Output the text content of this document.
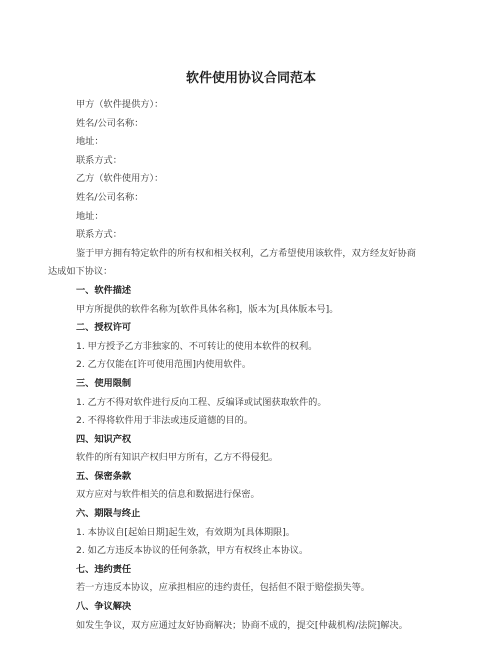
软件使用协议合同范本
甲方（软件提供方）：
姓名/公司名称：
地址：
联系方式：
乙方（软件使用方）：
姓名/公司名称：
地址：
联系方式：
鉴于甲方拥有特定软件的所有权和相关权利，乙方希望使用该软件，双方经友好协商
达成如下协议：
一、软件描述
甲方所提供的软件名称为[软件具体名称]，版本为[具体版本号]。
二、授权许可
1. 甲方授予乙方非独家的、不可转让的使用本软件的权利。
2. 乙方仅能在[许可使用范围]内使用软件。
三、使用限制
1. 乙方不得对软件进行反向工程、反编译或试图获取软件的。
2. 不得将软件用于非法或违反道德的目的。
四、知识产权
软件的所有知识产权归甲方所有，乙方不得侵犯。
五、保密条款
双方应对与软件相关的信息和数据进行保密。
六、期限与终止
1. 本协议自[起始日期]起生效，有效期为[具体期限]。
2. 如乙方违反本协议的任何条款，甲方有权终止本协议。
七、违约责任
若一方违反本协议，应承担相应的违约责任，包括但不限于赔偿损失等。
八、争议解决
如发生争议，双方应通过友好协商解决；协商不成的，提交[仲裁机构/法院]解决。
